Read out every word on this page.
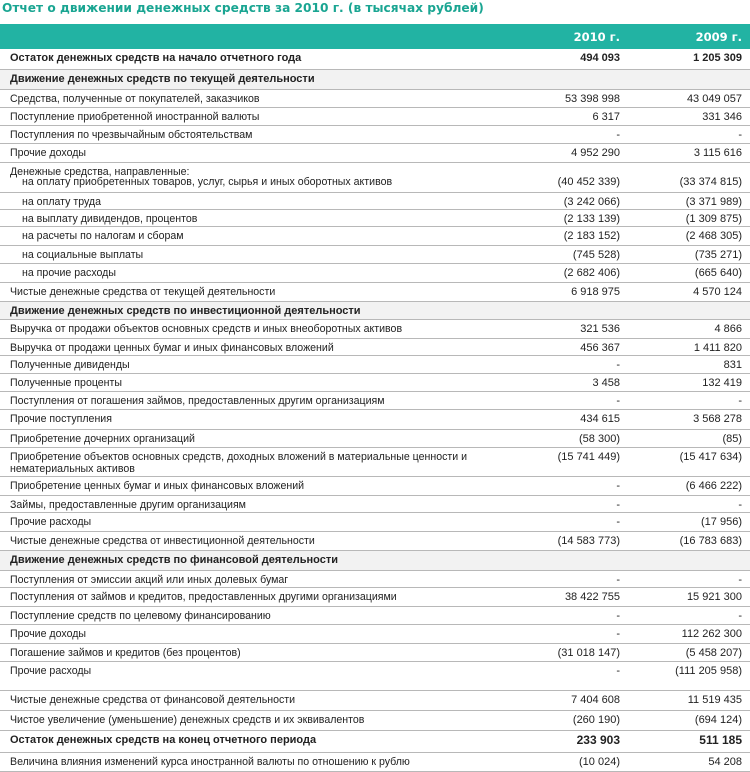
Отчет о движении денежных средств за 2010 г. (в тысячах рублей)
2010 г.	2009 г.
Остаток денежных средств на начало отчетного года	494 093	1 205 309
Движение денежных средств по текущей деятельности
Средства, полученные от покупателей, заказчиков	53 398 998	43 049 057
Поступление приобретенной иностранной валюты	6 317	331 346
Поступления по чрезвычайным обстоятельствам	-	-
Прочие доходы	4 952 290	3 115 616
Денежные средства, направленные:
на оплату приобретенных товаров, услуг, сырья и иных оборотных активов	(40 452 339)	(33 374 815)
на оплату труда	(3 242 066)	(3 371 989)
на выплату дивидендов, процентов	(2 133 139)	(1 309 875)
на расчеты по налогам и сборам	(2 183 152)	(2 468 305)
на социальные выплаты	(745 528)	(735 271)
на прочие расходы	(2 682 406)	(665 640)
Чистые денежные средства от текущей деятельности	6 918 975	4 570 124
Движение денежных средств по инвестиционной деятельности
Выручка от продажи объектов основных средств и иных внеоборотных активов	321 536	4 866
Выручка от продажи ценных бумаг и иных финансовых вложений	456 367	1 411 820
Полученные дивиденды	-	831
Полученные проценты	3 458	132 419
Поступления от погашения займов, предоставленных другим организациям	-	-
Прочие поступления	434 615	3 568 278
Приобретение дочерних организаций	(58 300)	(85)
Приобретение объектов основных средств, доходных вложений в материальные ценности и нематериальных активов
(15 741 449)	(15 417 634)
Приобретение ценных бумаг и иных финансовых вложений	-	(6 466 222)
Займы, предоставленные другим организациям	-	-
Прочие расходы	-	(17 956)
Чистые денежные средства от инвестиционной деятельности	(14 583 773)	(16 783 683)
Движение денежных средств по финансовой деятельности
Поступления от эмиссии акций или иных долевых бумаг	-	-
Поступления от займов и кредитов, предоставленных другими организациями	38 422 755	15 921 300
Поступление средств по целевому финансированию	-	-
Прочие доходы	-	112 262 300
Погашение займов и кредитов (без процентов)	(31 018 147)	(5 458 207)
Прочие расходы	-	(111 205 958)
Чистые денежные средства от финансовой деятельности	7 404 608	11 519 435
Чистое увеличение (уменьшение) денежных средств и их эквивалентов	(260 190)	(694 124)
Остаток денежных средств на конец отчетного периода	233 903	511 185
Величина влияния изменений курса иностранной валюты по отношению к рублю	(10 024)	54 208
